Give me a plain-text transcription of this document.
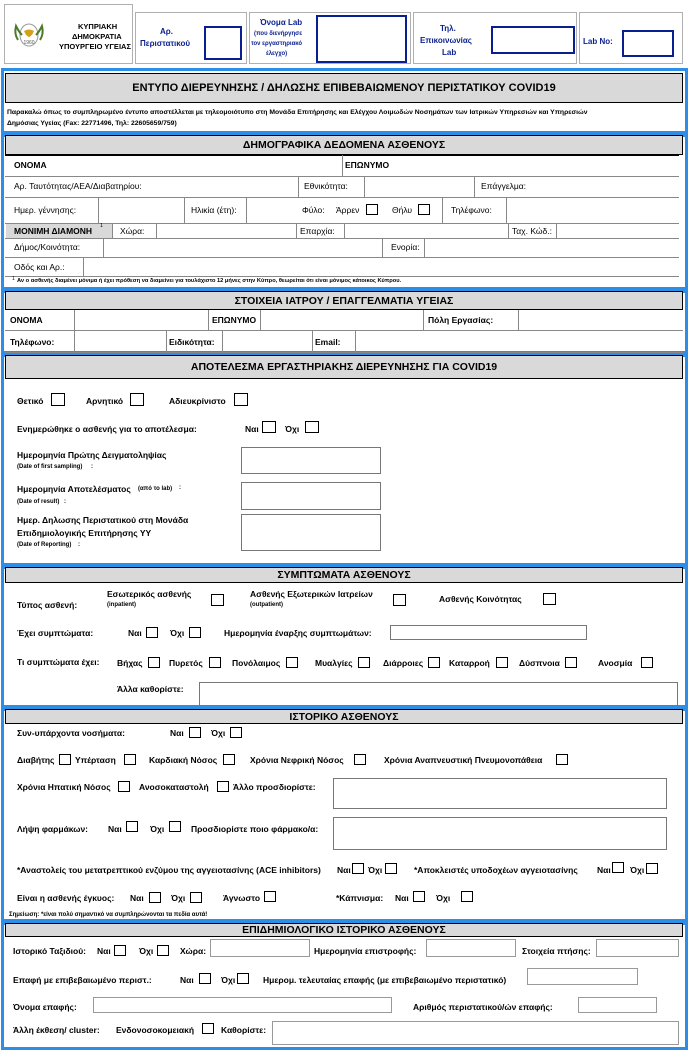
1960
ΚΥΠΡΙΑΚΗ
ΔΗΜΟΚΡΑΤΙΑ
ΥΠΟΥΡΓΕΙΟ ΥΓΕΙΑΣ
Αρ.
Περιστατικού
Όνομα Lab
(που διενήργησε
τον εργαστηριακό
έλεγχο)
Τηλ.
Επικοινωνίας
Lab
Lab No:
ΕΝΤΥΠΟ ΔΙΕΡΕΥΝΗΣΗΣ / ΔΗΛΩΣΗΣ ΕΠΙΒΕΒΑΙΩΜΕΝΟΥ ΠΕΡΙΣΤΑΤΙΚΟΥ COVID19
Παρακαλώ όπως το συμπληρωμένο έντυπο αποστέλλεται με τηλεομοιότυπο στη Μονάδα Επιτήρησης και Ελέγχου Λοιμωδών Νοσημάτων των Ιατρικών Υπηρεσιών και Υπηρεσιών
Δημόσιας Υγείας (Fax: 22771496, Τηλ: 22605659/759)
ΔΗΜΟΓΡΑΦΙΚΑ ΔΕΔΟΜΕΝΑ ΑΣΘΕΝΟΥΣ
ΟΝΟΜΑ	ΕΠΩΝΥΜΟ
Αρ. Ταυτότητας/ΑΕΑ/Διαβατηρίου:	Εθνικότητα:	Επάγγελμα:
Ημερ. γέννησης:	Ηλικία (έτη):	Φύλο: Άρρεν	Θήλυ	Τηλέφωνο:
ΜΟΝΙΜΗ ΔΙΑΜΟΝΗ 1 Χώρα:	Επαρχία:	Ταχ. Κώδ.:
Δήμος/Κοινότητα:	Ενορία:
Οδός και Αρ.:
1 Αν ο ασθενής διαμένει μόνιμα ή έχει πρόθεση να διαμείνει για τουλάχιστο 12 μήνες στην Κύπρο, θεωρείται ότι είναι μόνιμος κάτοικος Κύπρου.
ΣΤΟΙΧΕΙΑ ΙΑΤΡΟΥ / ΕΠΑΓΓΕΛΜΑΤΙΑ ΥΓΕΙΑΣ
ΟΝΟΜΑ	ΕΠΩΝΥΜΟ	Πόλη Εργασίας:
Τηλέφωνο:	Ειδικότητα:	Email:
ΑΠΟΤΕΛΕΣΜΑ ΕΡΓΑΣΤΗΡΙΑΚΗΣ ΔΙΕΡΕΥΝΗΣΗΣ ΓΙΑ COVID19
Θετικό	Αρνητικό	Αδιευκρίνιστο
Ενημερώθηκε ο ασθενής για το αποτέλεσμα:	Ναι	Όχι
Ημερομηνία Πρώτης Δειγματοληψίας
(Date of first sampling) :
Ημερομηνία Αποτελέσματος (από το lab) :
(Date of result) :
Ημερ. Δηλωσης Περιστατικού στη Μονάδα
Επιδημιολογικής Επιτήρησης ΥΥ
(Date of Reporting) :
ΣΥΜΠΤΩΜΑΤΑ ΑΣΘΕΝΟΥΣ
Τύπος ασθενή:
Εσωτερικός ασθενής
(inpatient)
Ασθενής Εξωτερικών Ιατρείων
(outpatient)
Ασθενής Κοινότητας
Έχει συμπτώματα:	Ναι	Όχι	Ημερομηνία έναρξης συμπτωμάτων:
Τι συμπτώματα έχει: Βήχας	Πυρετός	Πονόλαιμος	Μυαλγίες	Διάρροιες	Καταρροή	Δύσπνοια	Ανοσμία
Άλλα καθορίστε:
ΙΣΤΟΡΙΚΟ ΑΣΘΕΝΟΥΣ
Συν-υπάρχοντα νοσήματα:	Ναι	Όχι
Διαβήτης Υπέρταση	Καρδιακή Νόσος	Χρόνια Νεφρική Νόσος	Χρόνια Αναπνευστική Πνευμονοπάθεια
Χρόνια Ηπατική Νόσος	Ανοσοκαταστολή	Άλλο προσδιορίστε:
Λήψη φαρμάκων: Ναι	Όχι	Προσδιορίστε ποιο φάρμακο/α:
*Αναστολείς του μετατρεπτικού ενζύμου της αγγειοτασίνης (ACE inhibitors) Ναι Όχι	*Αποκλειστές υποδοχέων αγγειοτασίνης Ναι Όχι
Είναι η ασθενής έγκυος: Ναι	Όχι	Άγνωστο	*Κάπνισμα: Ναι	Όχι
Σημείωση: *είναι πολύ σημαντικό να συμπληρώνονται τα πεδία αυτά!
ΕΠΙΔΗΜΙΟΛΟΓΙΚΟ ΙΣΤΟΡΙΚΟ ΑΣΘΕΝΟΥΣ
Ιστορικό Ταξιδιού: Ναι	Όχι	Χώρα:	Ημερομηνία επιστροφής:	Στοιχεία πτήσης:
Επαφή με επιβεβαιωμένο περιστ.:	Ναι	Όχι	Ημερομ. τελευταίας επαφής (με επιβεβαιωμένο περιστατικό)
Όνομα επαφής:	Αριθμός περιστατικού/ών επαφής:
Άλλη έκθεση/ cluster: Ενδονοσοκομειακή	Καθορίστε:
